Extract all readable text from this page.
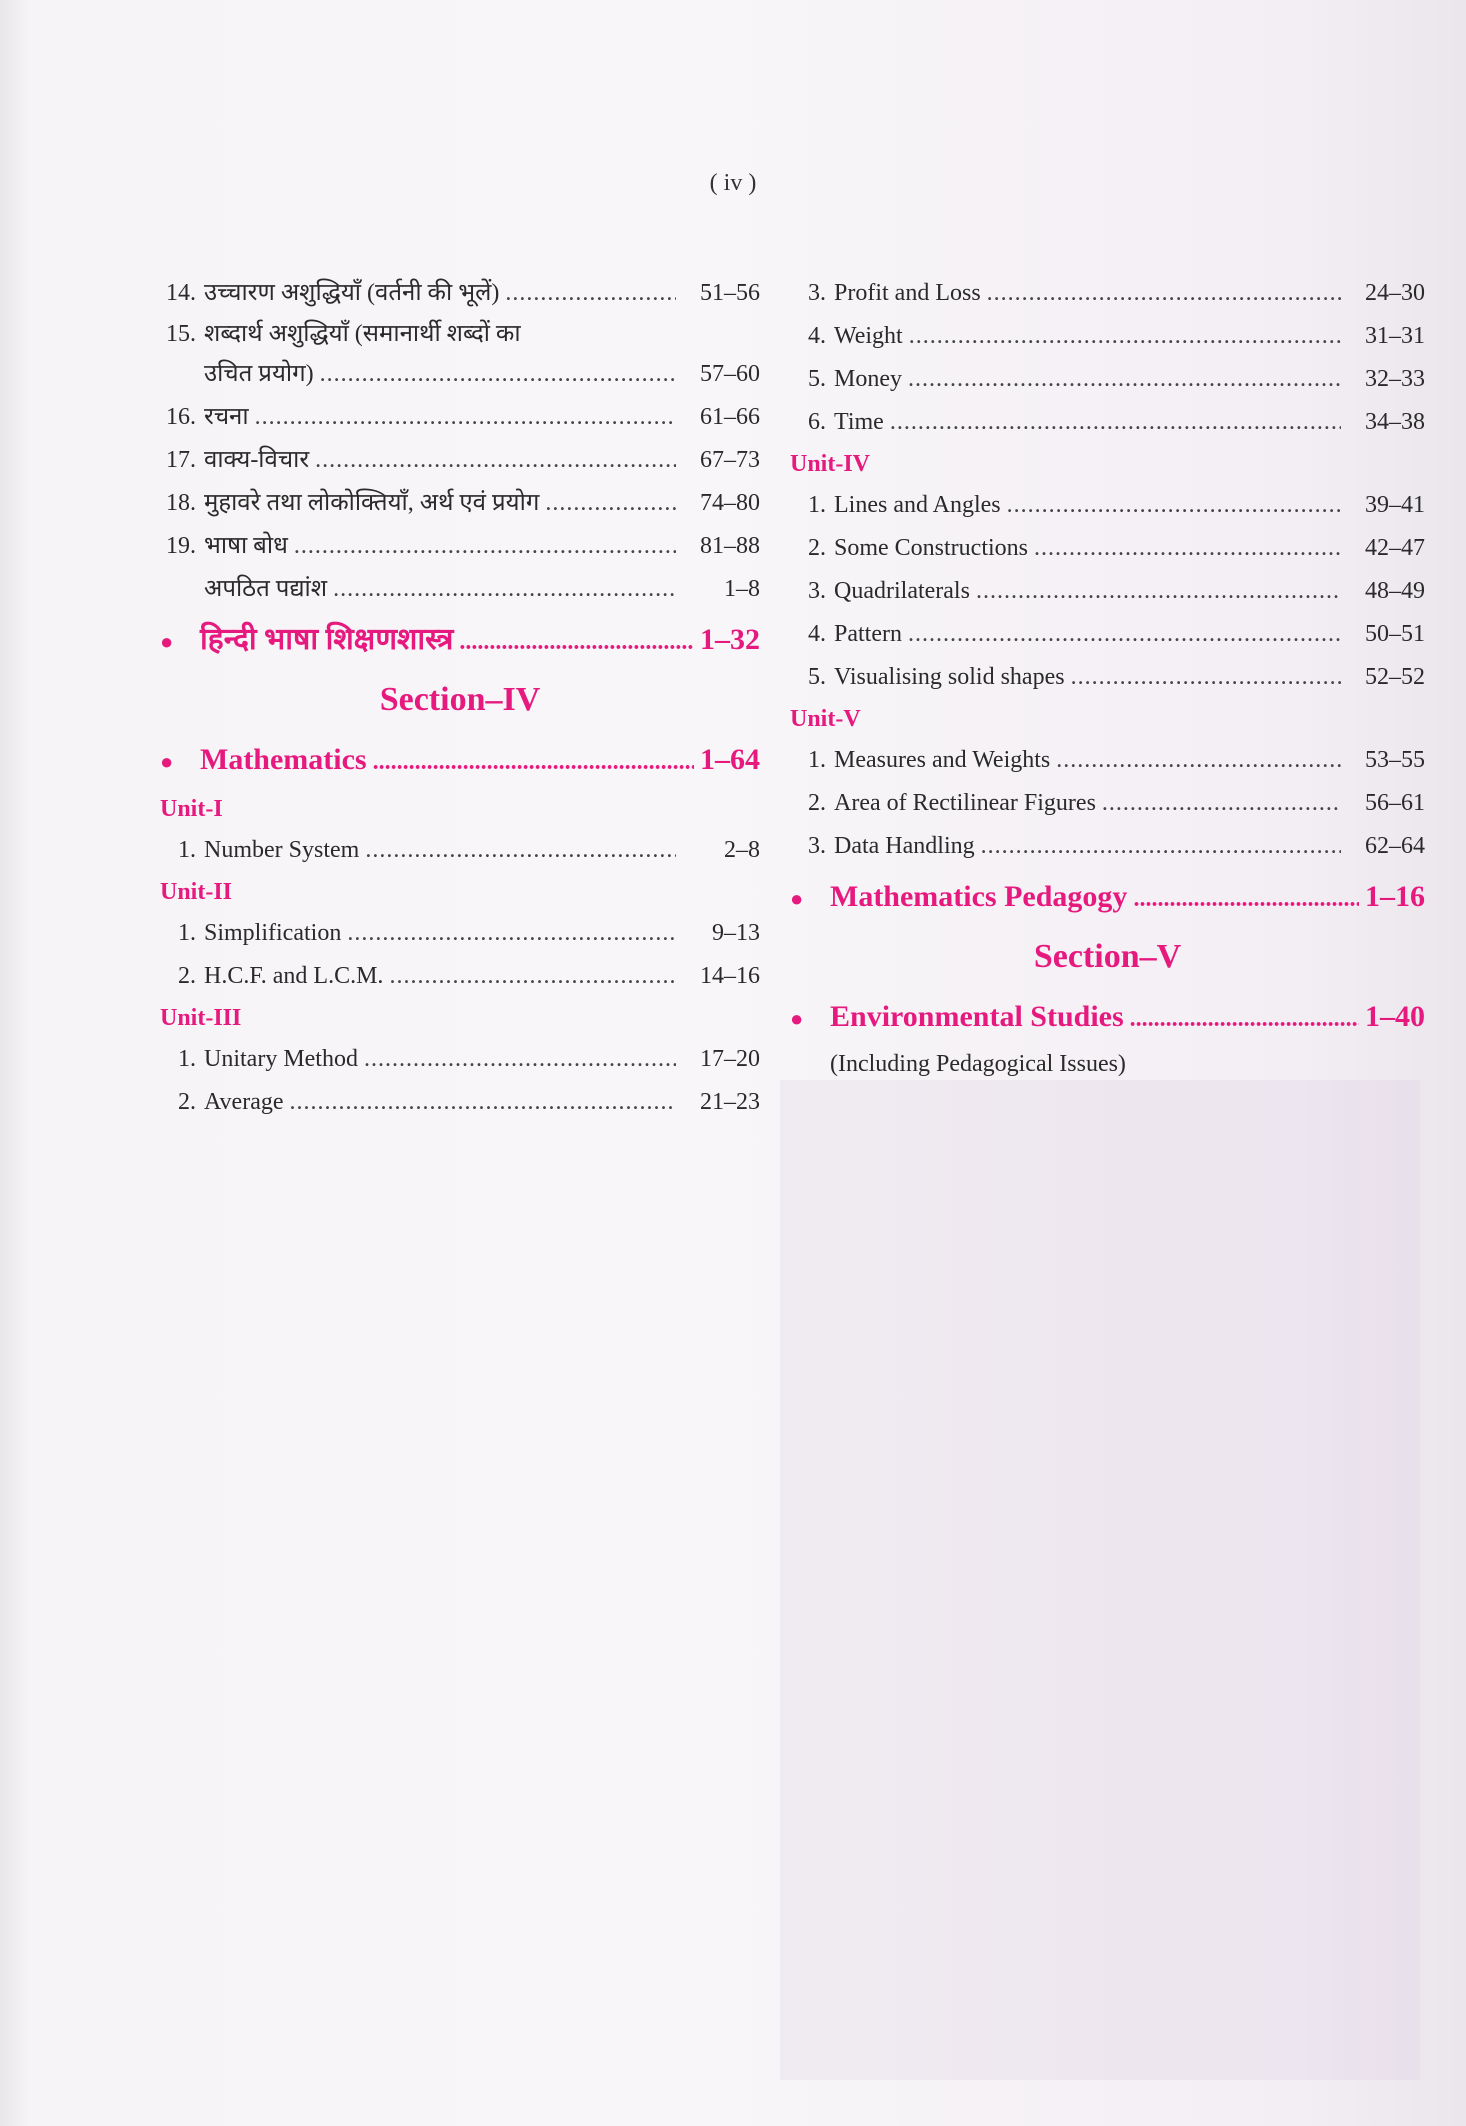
( iv )
14. उच्चारण अशुद्धियाँ (वर्तनी की भूलें) .....	51–56
15. शब्दार्थ अशुद्धियाँ (समानार्थी शब्दों का
उचित प्रयोग) .....	57–60
16. रचना .....	61–66
17. वाक्य-विचार .....	67–73
18. मुहावरे तथा लोकोक्तियाँ, अर्थ एवं प्रयोग .....	74–80
19. भाषा बोध .....	81–88
अपठित पद्यांश .....	1–8
● हिन्दी भाषा शिक्षणशास्त्र .....	1–32
Section–IV
● Mathematics .....	1–64
Unit-I
1. Number System .....	2–8
Unit-II
1. Simplification .....	9–13
2. H.C.F. and L.C.M. .....	14–16
Unit-III
1. Unitary Method .....	17–20
2. Average .....	21–23
3. Profit and Loss .....	24–30
4. Weight .....	31–31
5. Money .....	32–33
6. Time .....	34–38
Unit-IV
1. Lines and Angles .....	39–41
2. Some Constructions .....	42–47
3. Quadrilaterals .....	48–49
4. Pattern .....	50–51
5. Visualising solid shapes .....	52–52
Unit-V
1. Measures and Weights .....	53–55
2. Area of Rectilinear Figures .....	56–61
3. Data Handling .....	62–64
● Mathematics Pedagogy .....	1–16
Section–V
● Environmental Studies .....	1–40
(Including Pedagogical Issues)
